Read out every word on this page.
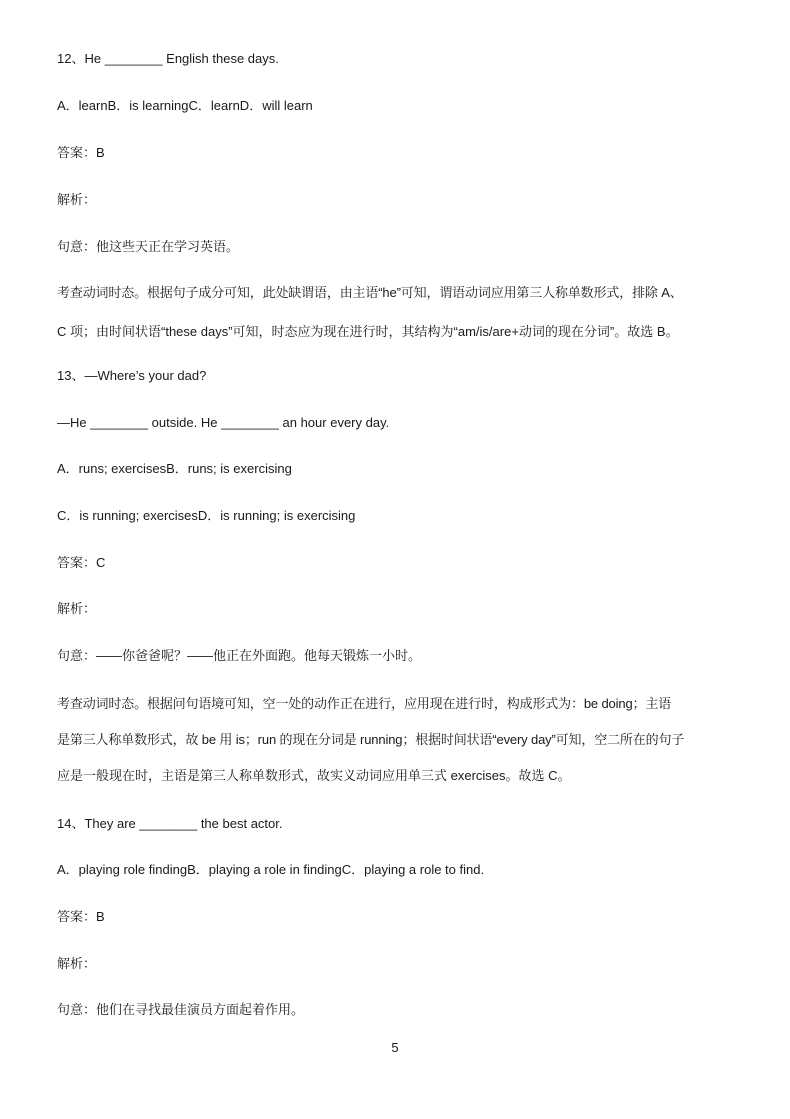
12、He ________ English these days.
A．learnB．is learningC．learnD．will learn
答案：B
解析：
句意：他这些天正在学习英语。
考查动词时态。根据句子成分可知，此处缺谓语，由主语“he”可知，谓语动词应用第三人称单数形式，排除 A、
C 项；由时间状语“these days”可知，时态应为现在进行时，其结构为“am/is/are+动词的现在分词”。故选 B。
13、—Where’s your dad?
—He ________ outside. He ________ an hour every day.
A．runs; exercisesB．runs; is exercising
C．is running; exercisesD．is running; is exercising
答案：C
解析：
句意：——你爸爸呢？——他正在外面跑。他每天锻炼一小时。
考查动词时态。根据问句语境可知，空一处的动作正在进行，应用现在进行时，构成形式为：be doing；主语
是第三人称单数形式，故 be 用 is；run 的现在分词是 running；根据时间状语“every day”可知，空二所在的句子
应是一般现在时，主语是第三人称单数形式，故实义动词应用单三式 exercises。故选 C。
14、They are ________ the best actor.
A．playing role findingB．playing a role in findingC．playing a role to find.
答案：B
解析：
句意：他们在寻找最佳演员方面起着作用。
5
